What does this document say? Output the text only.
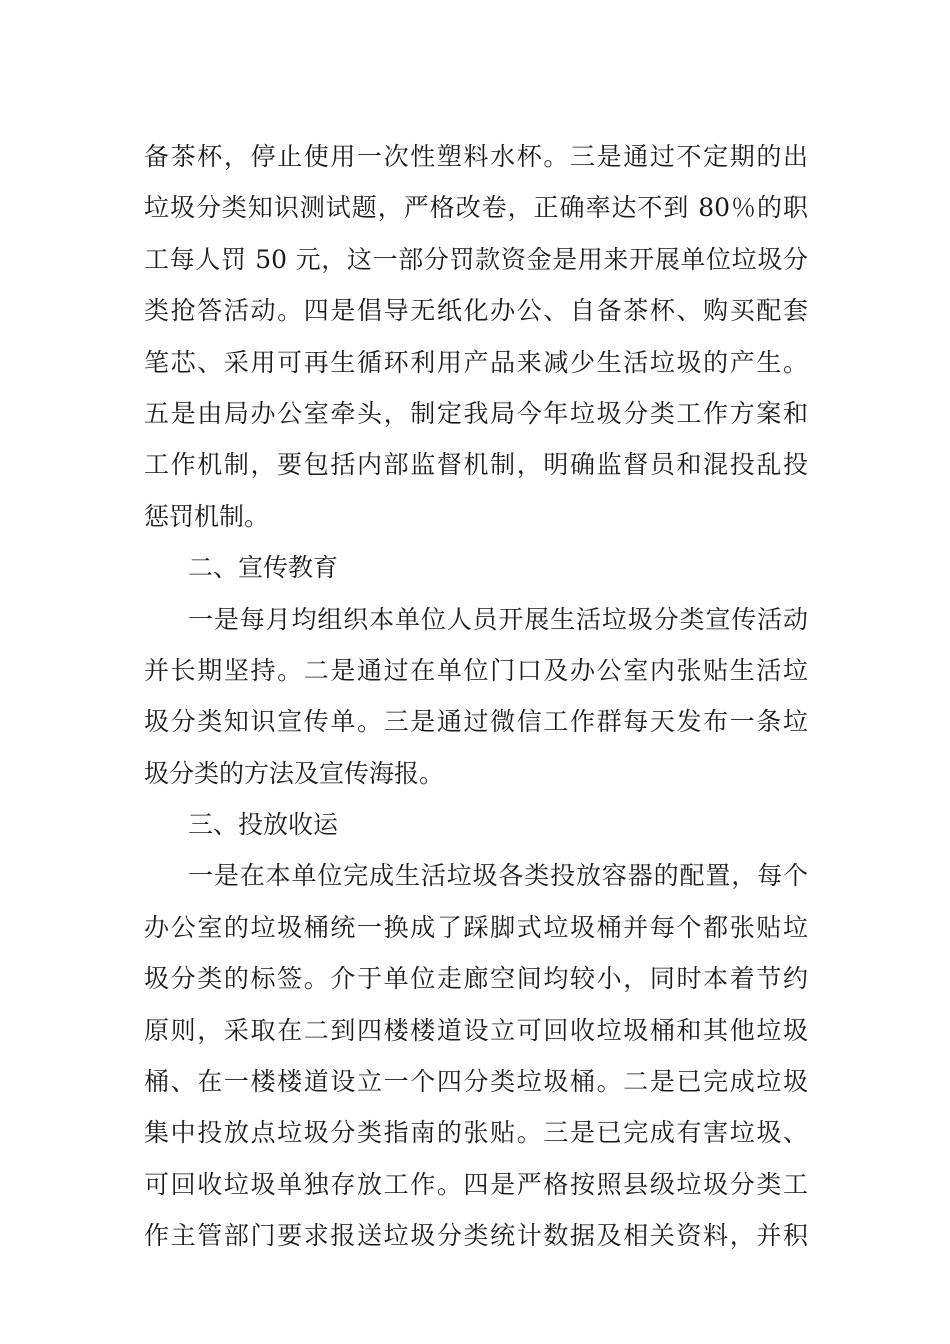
备茶杯，停止使用一次性塑料水杯。三是通过不定期的出
垃圾分类知识测试题，严格改卷，正确率达不到 80％的职
工每人罚 50 元，这一部分罚款资金是用来开展单位垃圾分
类抢答活动。四是倡导无纸化办公、自备茶杯、购买配套
笔芯、采用可再生循环利用产品来减少生活垃圾的产生。
五是由局办公室牵头，制定我局今年垃圾分类工作方案和
工作机制，要包括内部监督机制，明确监督员和混投乱投
惩罚机制。
二、宣传教育
一是每月均组织本单位人员开展生活垃圾分类宣传活动
并长期坚持。二是通过在单位门口及办公室内张贴生活垃
圾分类知识宣传单。三是通过微信工作群每天发布一条垃
圾分类的方法及宣传海报。
三、投放收运
一是在本单位完成生活垃圾各类投放容器的配置，每个
办公室的垃圾桶统一换成了踩脚式垃圾桶并每个都张贴垃
圾分类的标签。介于单位走廊空间均较小，同时本着节约
原则，采取在二到四楼楼道设立可回收垃圾桶和其他垃圾
桶、在一楼楼道设立一个四分类垃圾桶。二是已完成垃圾
集中投放点垃圾分类指南的张贴。三是已完成有害垃圾、
可回收垃圾单独存放工作。四是严格按照县级垃圾分类工
作主管部门要求报送垃圾分类统计数据及相关资料，并积
